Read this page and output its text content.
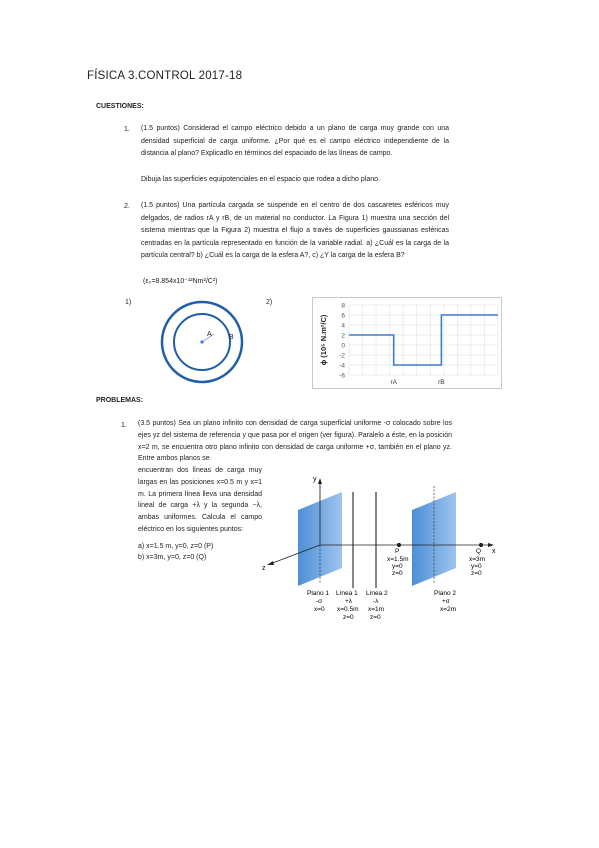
FÍSICA 3.CONTROL 2017-18
CUESTIONES:
1. (1.5 puntos) Considerad el campo eléctrico debido a un plano de carga muy grande con una densidad superficial de carga uniforme. ¿Por qué es el campo eléctrico independiente de la distancia al plano? Explicadlo en términos del espaciado de las líneas de campo.
Dibuja las superficies equipotenciales en el espacio que rodea a dicho plano.
2. (1.5 puntos) Una partícula cargada se suspende en el centro de dos cascaretes esféricos muy delgados, de radios rA y rB, de un material no conductor. La Figura 1) muestra una sección del sistema mientras que la Figura 2) muestra el flujo a través de superficies gaussianas esféricas centradas en la partícula representado en función de la variable radial. a) ¿Cuál es la carga de la partícula central? b) ¿Cuál es la carga de la esfera A?, c) ¿Y la carga de la esfera B?
(ε₀=8.854x10⁻¹²Nm²/C²)
1)
A B
2)
-6
-4
-2
0
2
4
6
8
ϕ (10⁵ N.m²/C)
rA	rB
PROBLEMAS:
1. (3.5 puntos) Sea un plano infinito con densidad de carga superficial uniforme -σ colocado sobre los ejes yz del sistema de referencia y que pasa por el origen (ver figura). Paralelo a éste, en la posición x=2 m, se encuentra otro plano infinito con densidad de carga uniforme +σ, también en el plano yz. Entre ambos planos se
encuentran dos líneas de carga muy largas en las posiciones x=0.5 m y x=1 m. La primera línea lleva una densidad lineal de carga +λ y la segunda −λ, ambas uniformes. Calcula el campo eléctrico en los siguientes puntos:
a) x=1.5 m, y=0, z=0 (P)
b) x=3m, y=0, z=0 (Q)
y
x
z
P
x=1.5m
y=0
z=0
Q
x=3m
y=0
z=0
Plano 1
-σ
x=0
Línea 1
+λ
x=0.5m
z=0
Línea 2
-λ
x=1m
z=0
Plano 2
+σ
x=2m
